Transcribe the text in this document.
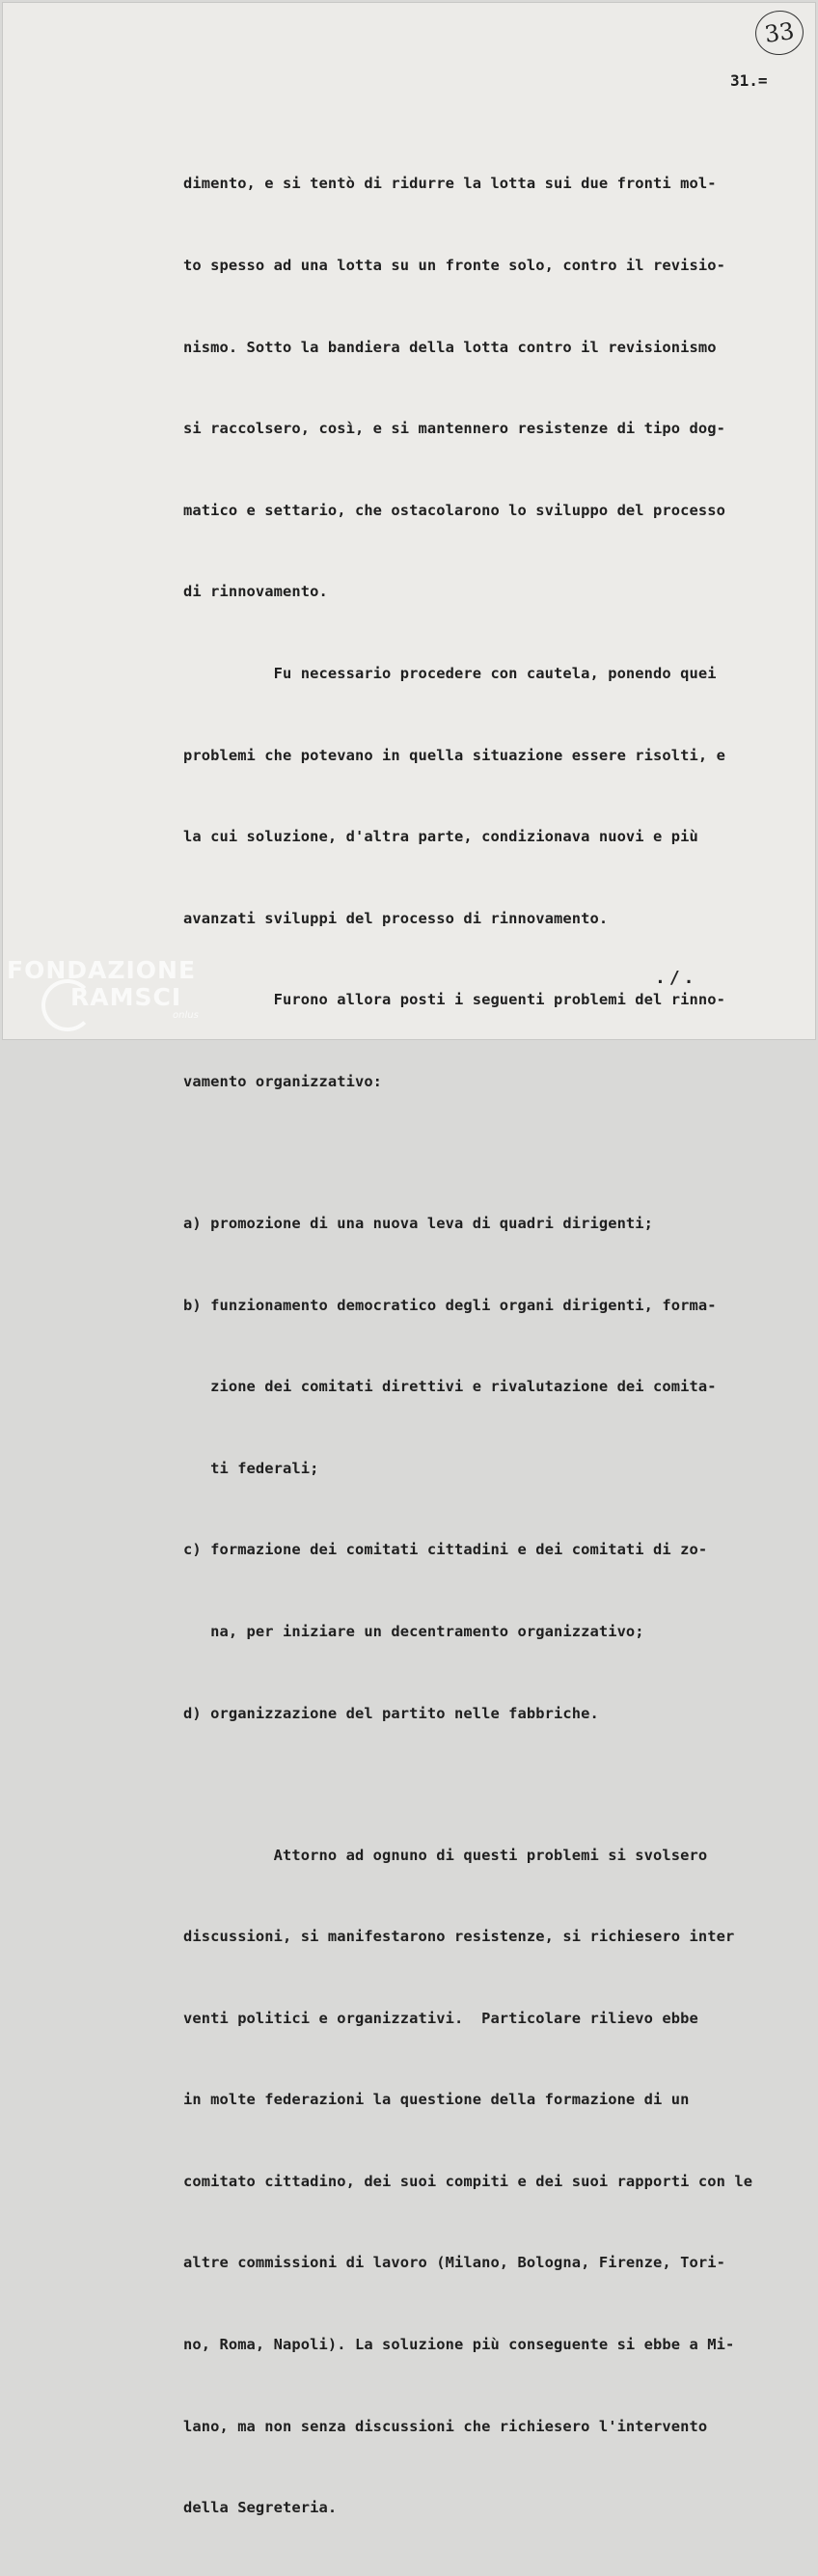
33
31.=

dimento, e si tentò di ridurre la lotta sui due fronti mol-

to spesso ad una lotta su un fronte solo, contro il revisio-

nismo. Sotto la bandiera della lotta contro il revisionismo

si raccolsero, così, e si mantennero resistenze di tipo dog-

matico e settario, che ostacolarono lo sviluppo del processo

di rinnovamento.

Fu necessario procedere con cautela, ponendo quei

problemi che potevano in quella situazione essere risolti, e

la cui soluzione, d'altra parte, condizionava nuovi e più

avanzati sviluppi del processo di rinnovamento.

Furono allora posti i seguenti problemi del rinno-

vamento organizzativo:

a) promozione di una nuova leva di quadri dirigenti;

b) funzionamento democratico degli organi dirigenti, forma-

zione dei comitati direttivi e rivalutazione dei comita-

ti federali;

c) formazione dei comitati cittadini e dei comitati di zo-

na, per iniziare un decentramento organizzativo;

d) organizzazione del partito nelle fabbriche.

Attorno ad ognuno di questi problemi si svolsero

discussioni, si manifestarono resistenze, si richiesero inter

venti politici e organizzativi.  Particolare rilievo ebbe

in molte federazioni la questione della formazione di un

comitato cittadino, dei suoi compiti e dei suoi rapporti con le

altre commissioni di lavoro (Milano, Bologna, Firenze, Tori-

no, Roma, Napoli). La soluzione più conseguente si ebbe a Mi-

lano, ma non senza discussioni che richiesero l'intervento

della Segreteria.

./.
FONDAZIONE
RAMSCI
onlus
